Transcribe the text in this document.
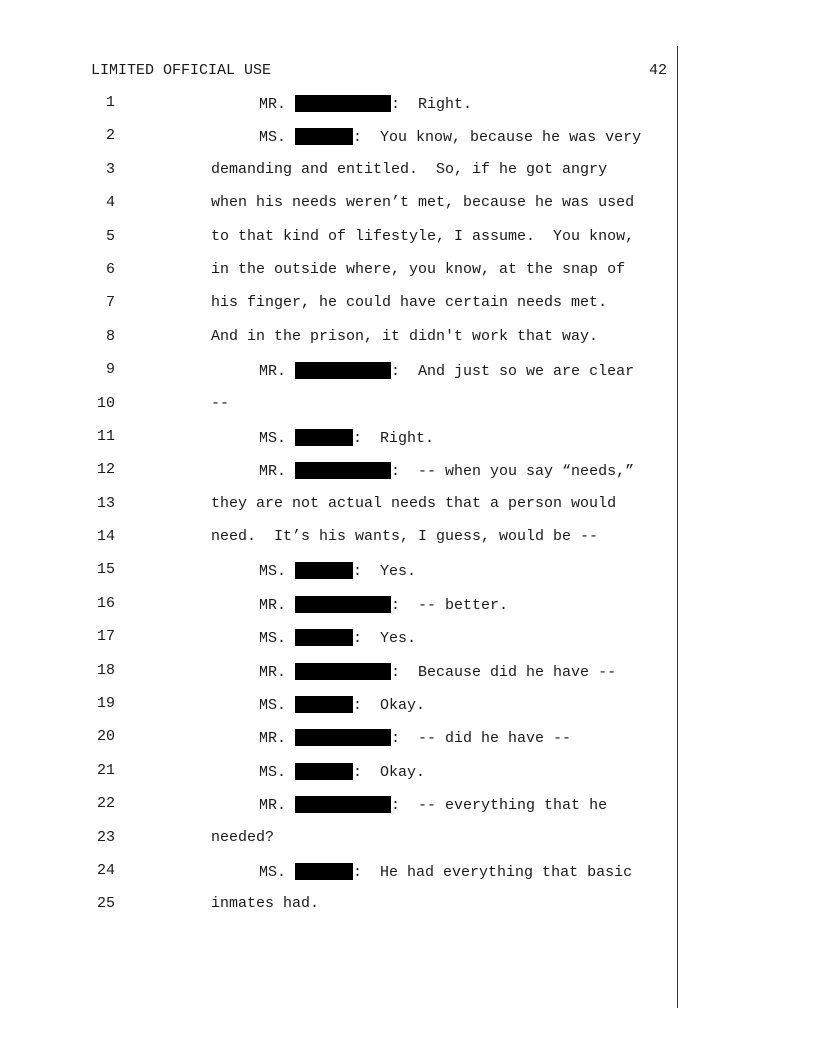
LIMITED OFFICIAL USE	42
1	MR.	:  Right.
2	MS.	:  You know, because he was very
3	demanding and entitled.  So, if he got angry
4	when his needs weren’t met, because he was used
5	to that kind of lifestyle, I assume.  You know,
6	in the outside where, you know, at the snap of
7	his finger, he could have certain needs met.
8	And in the prison, it didn't work that way.
9	MR.	:  And just so we are clear
10	--
11	MS.	:  Right.
12	MR.	:  -- when you say “needs,”
13	they are not actual needs that a person would
14	need.  It’s his wants, I guess, would be --
15	MS.	:  Yes.
16	MR.	:  -- better.
17	MS.	:  Yes.
18	MR.	:  Because did he have --
19	MS.	:  Okay.
20	MR.	:  -- did he have --
21	MS.	:  Okay.
22	MR.	:  -- everything that he
23	needed?
24	MS.	:  He had everything that basic
25	inmates had.
